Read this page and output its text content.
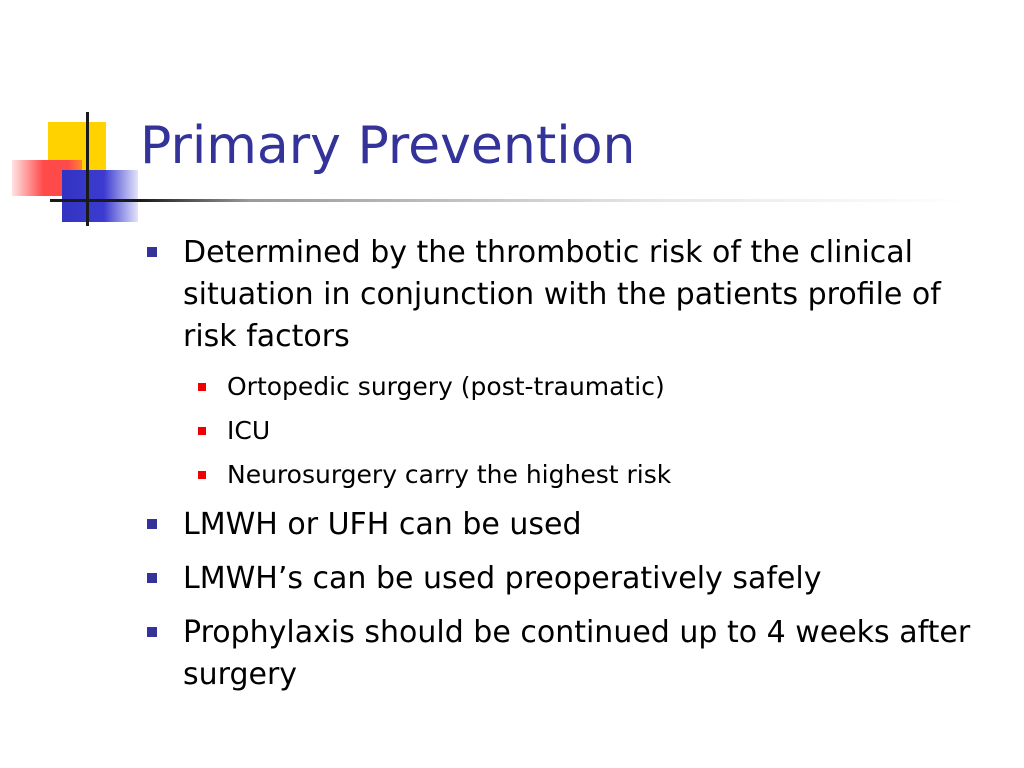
Primary Prevention
Determined by the thrombotic risk of the clinical situation in conjunction with the patients profile of risk factors
Ortopedic surgery (post-traumatic)
ICU
Neurosurgery carry the highest risk
LMWH or UFH can be used
LMWH’s can be used preoperatively safely
Prophylaxis should be continued up to 4 weeks after surgery
